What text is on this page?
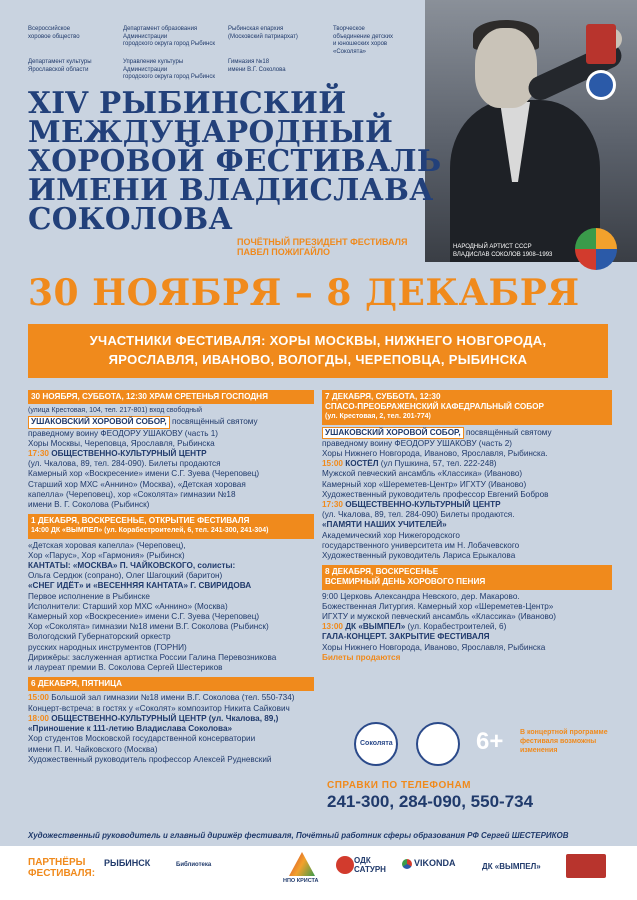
Всероссийское
хоровое общество
Департамент образования Администрации
городского округа город Рыбинск
Рыбинская епархия
(Московский патриархат)
Творческое
объединение детских
и юношеских хоров
«Соколята»
Департамент культуры
Ярославской области
Управление культуры Администрации
городского округа город Рыбинск
Гимназия №18
имени В.Г. Соколова
НАРОДНЫЙ АРТИСТ СССР
ВЛАДИСЛАВ СОКОЛОВ 1908–1993
XIV РЫБИНСКИЙ
МЕЖДУНАРОДНЫЙ
ХОРОВОЙ ФЕСТИВАЛЬ
ИМЕНИ ВЛАДИСЛАВА
СОКОЛОВА
ПОЧЁТНЫЙ ПРЕЗИДЕНТ ФЕСТИВАЛЯ
ПАВЕЛ ПОЖИГАЙЛО
30 НОЯБРЯ – 8 ДЕКАБРЯ
УЧАСТНИКИ ФЕСТИВАЛЯ: ХОРЫ МОСКВЫ, НИЖНЕГО НОВГОРОДА,
ЯРОСЛАВЛЯ, ИВАНОВО, ВОЛОГДЫ, ЧЕРЕПОВЦА, РЫБИНСКА
30 НОЯБРЯ, СУББОТА, 12:30 ХРАМ СРЕТЕНЬЯ ГОСПОДНЯ
(улица Крестовая, 104, тел. 217-801) вход свободный
УШАКОВСКИЙ ХОРОВОЙ СОБОР, посвящённый святому
праведному воину ФЕОДОРУ УШАКОВУ (часть 1)
Хоры Москвы, Череповца, Ярославля, Рыбинска
17:30 ОБЩЕСТВЕННО-КУЛЬТУРНЫЙ ЦЕНТР
(ул. Чкалова, 89, тел. 284-090). Билеты продаются
Камерный хор «Воскресение» имени С.Г. Зуева (Череповец)
Старший хор МХС «Аннино» (Москва), «Детская хоровая
капелла» (Череповец), хор «Соколята» гимназии №18
имени В. Г. Соколова (Рыбинск)
1 ДЕКАБРЯ, ВОСКРЕСЕНЬЕ, ОТКРЫТИЕ ФЕСТИВАЛЯ
14:00 ДК «ВЫМПЕЛ» (ул. Корабестроителей, 6, тел. 241-300, 241-304)
«Детская хоровая капелла» (Череповец),
Хор «Парус», Хор «Гармония» (Рыбинск)
КАНТАТЫ: «МОСКВА» П. ЧАЙКОВСКОГО, солисты:
Ольга Сердюк (сопрано), Олег Шагоцкий (баритон)
«СНЕГ ИДЁТ» и «ВЕСЕННЯЯ КАНТАТА» Г. СВИРИДОВА
Первое исполнение в Рыбинске
Исполнители: Старший хор МХС «Аннино» (Москва)
Камерный хор «Воскресение» имени С.Г. Зуева (Череповец)
Хор «Соколята» гимназии №18 имени В.Г. Соколова (Рыбинск)
Вологодский Губернаторский оркестр
русских народных инструментов (ГОРНИ)
Дирижёры: заслуженная артистка России Галина Перевозникова
и лауреат премии В. Соколова Сергей Шестериков
6 ДЕКАБРЯ, ПЯТНИЦА
15:00 Большой зал гимназии №18 имени В.Г. Соколова (тел. 550-734)
Концерт-встреча: в гостях у «Соколят» композитор Никита Сайкович
18:00 ОБЩЕСТВЕННО-КУЛЬТУРНЫЙ ЦЕНТР (ул. Чкалова, 89,)
«Приношение к 111-летию Владислава Соколова»
Хор студентов Московской государственной консерватории
имени П. И. Чайковского (Москва)
Художественный руководитель профессор Алексей Рудневский
7 ДЕКАБРЯ, СУББОТА, 12:30
СПАСО-ПРЕОБРАЖЕНСКИЙ КАФЕДРАЛЬНЫЙ СОБОР
(ул. Крестовая, 2, тел. 201-774)
УШАКОВСКИЙ ХОРОВОЙ СОБОР, посвящённый святому
праведному воину ФЕОДОРУ УШАКОВУ (часть 2)
Хоры Нижнего Новгорода, Иваново, Ярославля, Рыбинска.
15:00 КОСТЁЛ (ул Пушкина, 57, тел. 222-248)
Мужской певческий ансамбль «Классика» (Иваново)
Камерный хор «Шереметев-Центр» ИГХТУ (Иваново)
Художественный руководитель профессор Евгений Бобров
17:30 ОБЩЕСТВЕННО-КУЛЬТУРНЫЙ ЦЕНТР
(ул. Чкалова, 89, тел. 284-090) Билеты продаются.
«ПАМЯТИ НАШИХ УЧИТЕЛЕЙ»
Академический хор Нижегородского
государственного университета им Н. Лобачевского
Художественный руководитель Лариса Ерыкалова
8 ДЕКАБРЯ, ВОСКРЕСЕНЬЕ
ВСЕМИРНЫЙ ДЕНЬ ХОРОВОГО ПЕНИЯ
9:00 Церковь Александра Невского, дер. Макарово.
Божественная Литургия. Камерный хор «Шереметев-Центр»
ИГХТУ и мужской певческий ансамбль «Классика» (Иваново)
13:00 ДК «ВЫМПЕЛ» (ул. Корабестроителей, 6)
ГАЛА-КОНЦЕРТ. ЗАКРЫТИЕ ФЕСТИВАЛЯ
Хоры Нижнего Новгорода, Иваново, Ярославля, Рыбинска
Билеты продаются
Соколята	6+ В концертной программе фестиваля возможны изменения
СПРАВКИ ПО ТЕЛЕФОНАМ
241-300, 284-090, 550-734
Художественный руководитель и главный дирижёр фестиваля, Почётный работник сферы образования РФ Сергей ШЕСТЕРИКОВ
ПАРТНЁРЫ
ФЕСТИВАЛЯ:
РЫБИНСК	Библиотека
НПО КРИСТА
ОДК САТУРН
VIKONDA	ДК «ВЫМПЕЛ»
